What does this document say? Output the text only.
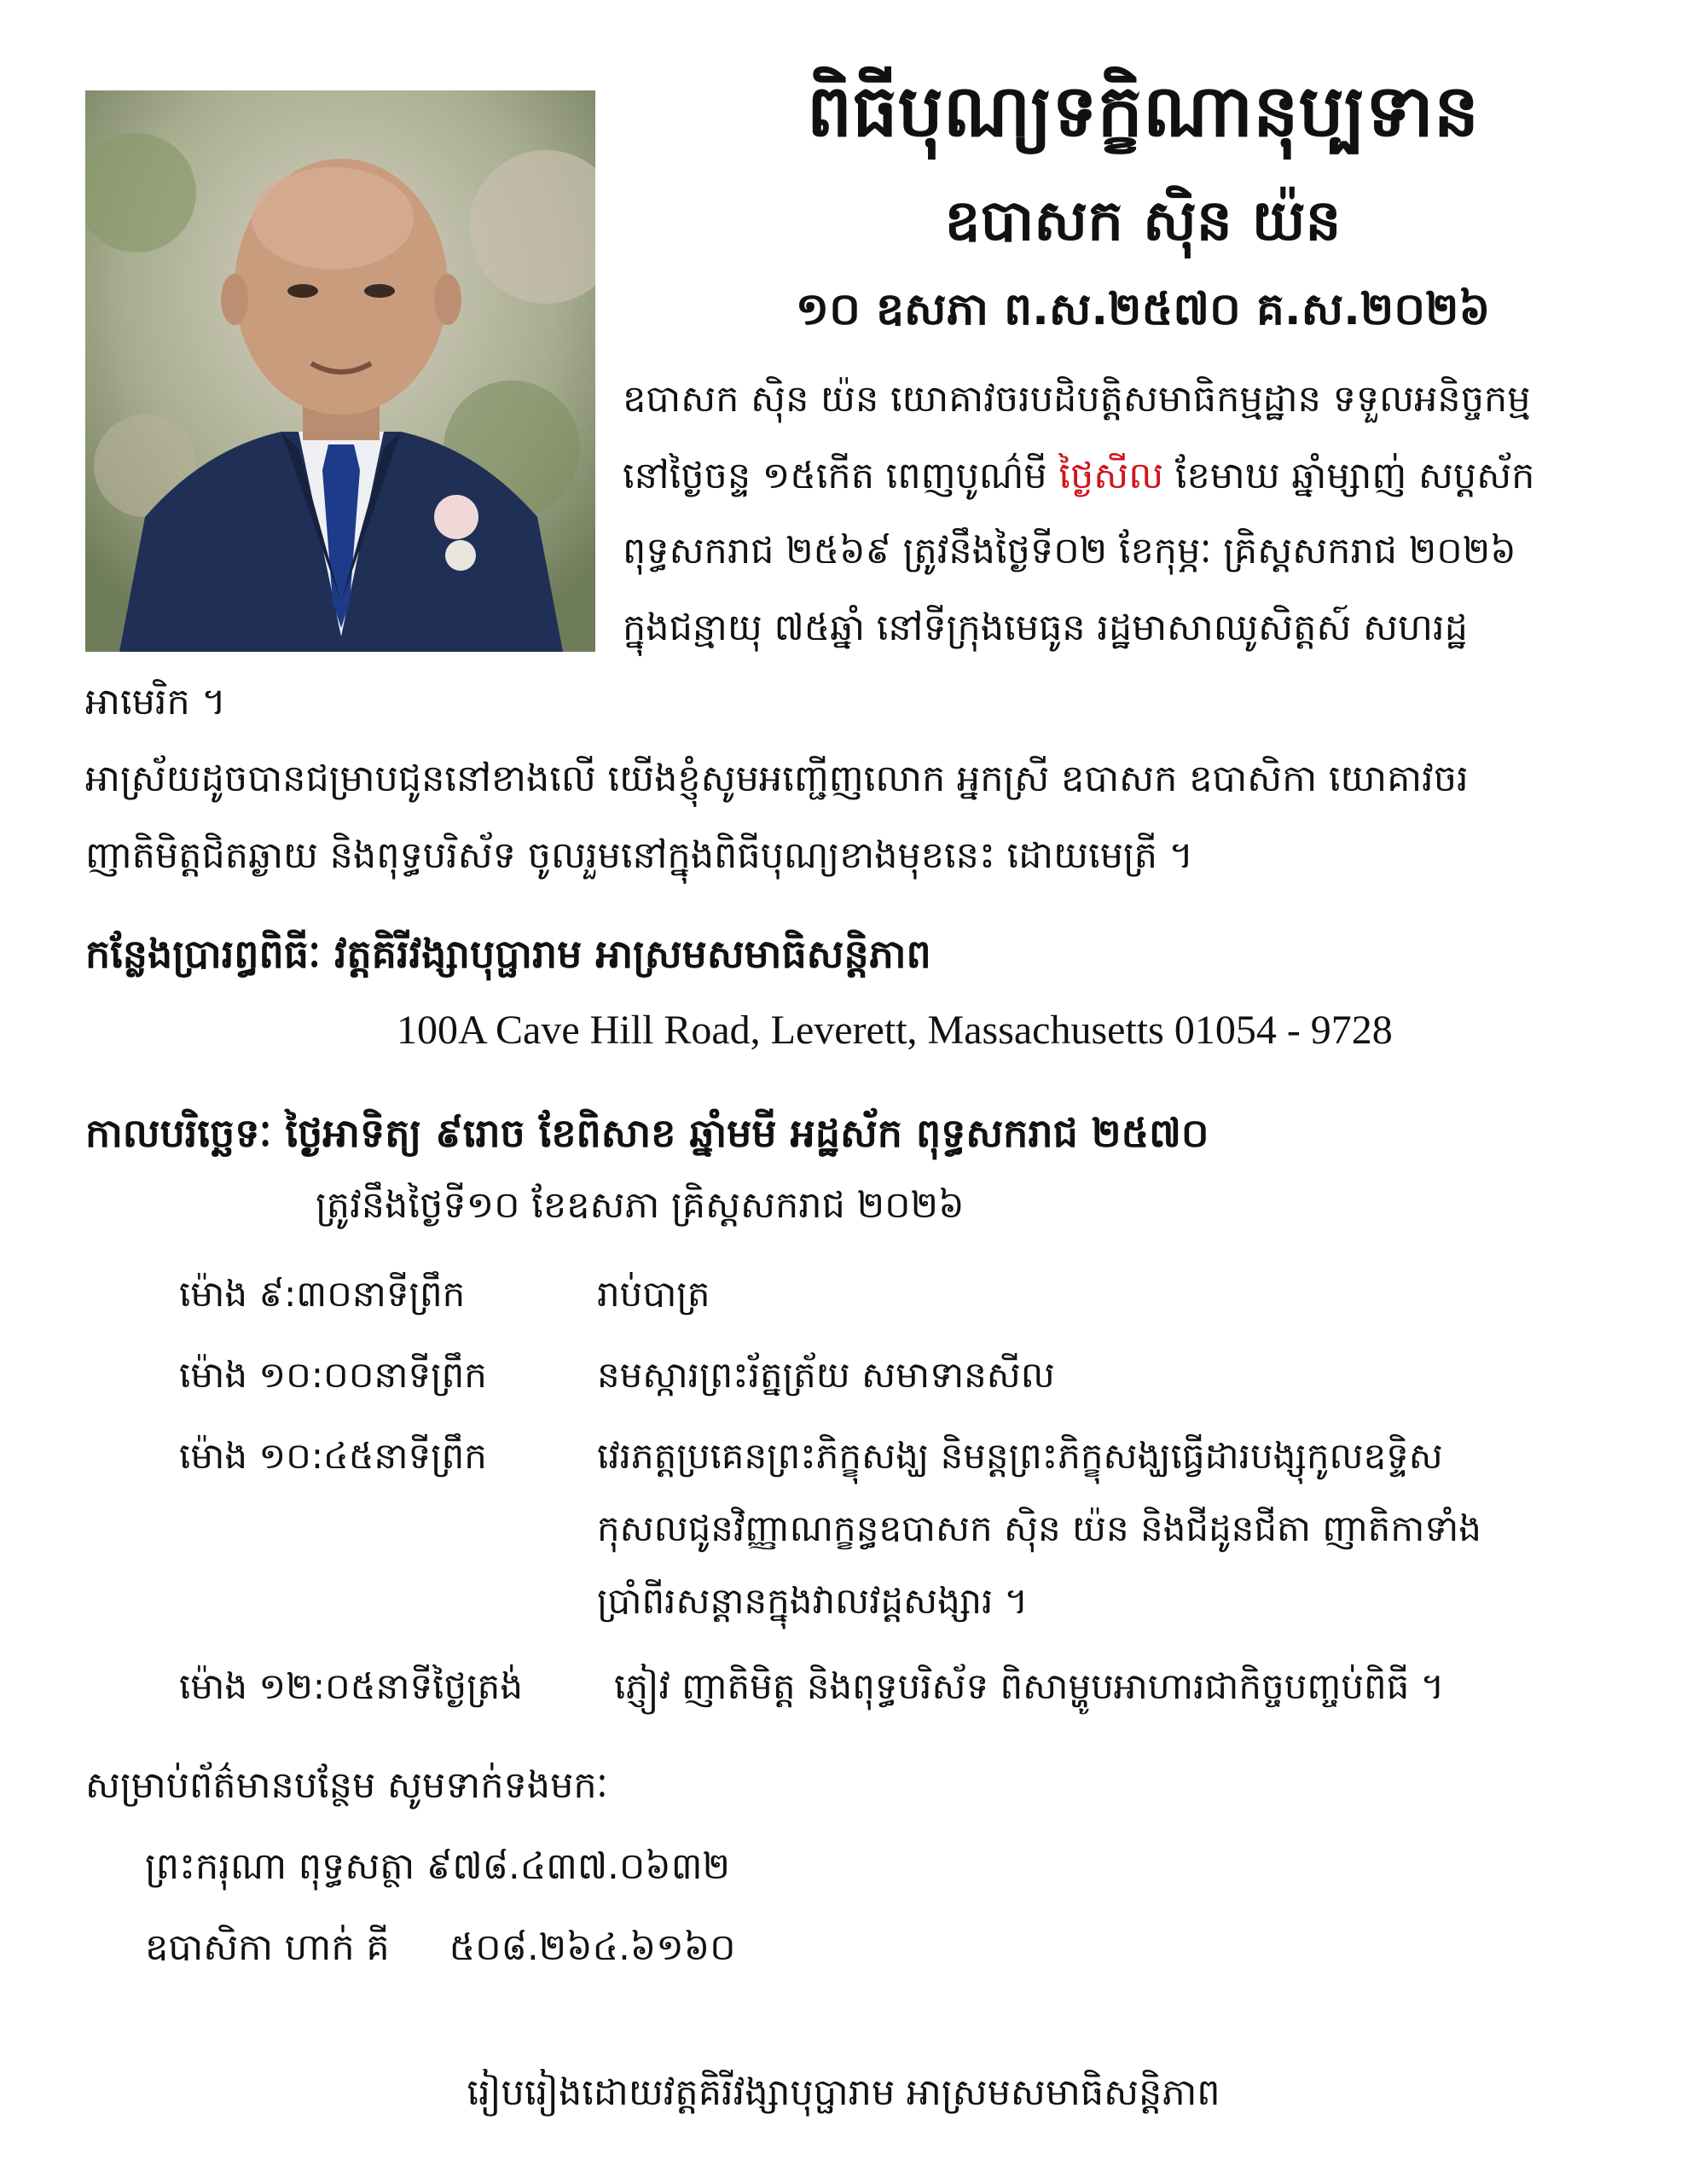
ពិធីបុណ្យទក្ខិណានុប្បទាន
ឧបាសក ស៊ិន យ៉ន
១០ ឧសភា ព.ស.២៥៧០ គ.ស.២០២៦
ឧបាសក ស៊ិន យ៉ន យោគាវចរបដិបត្តិសមាធិកម្មដ្ឋាន ទទួលអនិច្ចកម្ម
នៅថ្ងៃចន្ទ ១៥កើត ពេញបូណ៌មី ថ្ងៃសីល ខែមាឃ ឆ្នាំម្សាញ់ សប្តស័ក
ពុទ្ធសករាជ ២៥៦៩ ត្រូវនឹងថ្ងៃទី០២ ខែកុម្ភៈ គ្រិស្តសករាជ ២០២៦
ក្នុងជន្មាយុ ៧៥ឆ្នាំ នៅទីក្រុងមេធូន រដ្ឋមាសាឈូសិត្តស៍ សហរដ្ឋ
អាមេរិក ។
អាស្រ័យដូចបានជម្រាបជូននៅខាងលើ យើងខ្ញុំសូមអញ្ជើញលោក អ្នកស្រី ឧបាសក ឧបាសិកា យោគាវចរ
ញាតិមិត្តជិតឆ្ងាយ និងពុទ្ធបរិស័ទ ចូលរួមនៅក្នុងពិធីបុណ្យខាងមុខនេះ ដោយមេត្រី ។
កន្លែងប្រារព្ធពិធីៈ វត្តគិរីវង្សាបុប្ផារាម អាស្រមសមាធិសន្តិភាព
100A Cave Hill Road, Leverett, Massachusetts 01054 - 9728
កាលបរិច្ឆេទៈ ថ្ងៃអាទិត្យ ៩រោច ខែពិសាខ ឆ្នាំមមី អដ្ឋស័ក ពុទ្ធសករាជ ២៥៧០
ត្រូវនឹងថ្ងៃទី១០ ខែឧសភា គ្រិស្តសករាជ ២០២៦
ម៉ោង ៩:៣០នាទីព្រឹក	រាប់បាត្រ
ម៉ោង ១០:០០នាទីព្រឹក	នមស្ការព្រះរ័ត្នត្រ័យ សមាទានសីល
ម៉ោង ១០:៤៥នាទីព្រឹក	វេរភត្តប្រគេនព្រះភិក្ខុសង្ឃ និមន្តព្រះភិក្ខុសង្ឃធ្វើដារបង្សុកូលឧទ្ទិស
កុសលជូនវិញ្ញាណក្ខន្ធឧបាសក ស៊ិន យ៉ន និងជីដូនជីតា ញាតិកាទាំង
ប្រាំពីរសន្តានក្នុងវាលវដ្តសង្សារ ។
ម៉ោង ១២:០៥នាទីថ្ងៃត្រង់	ភ្ញៀវ ញាតិមិត្ត និងពុទ្ធបរិស័ទ ពិសាម្ហូបអាហារជាកិច្ចបញ្ចប់ពិធី ។
សម្រាប់ព័ត៌មានបន្ថែម សូមទាក់ទងមកៈ
ព្រះករុណា ពុទ្ធសត្ថា ៩៧៨.៤៣៧.០៦៣២
ឧបាសិកា ហាក់ គី ៥០៨.២៦៤.៦១៦០
រៀបរៀងដោយវត្តគិរីវង្សាបុប្ផារាម អាស្រមសមាធិសន្តិភាព
